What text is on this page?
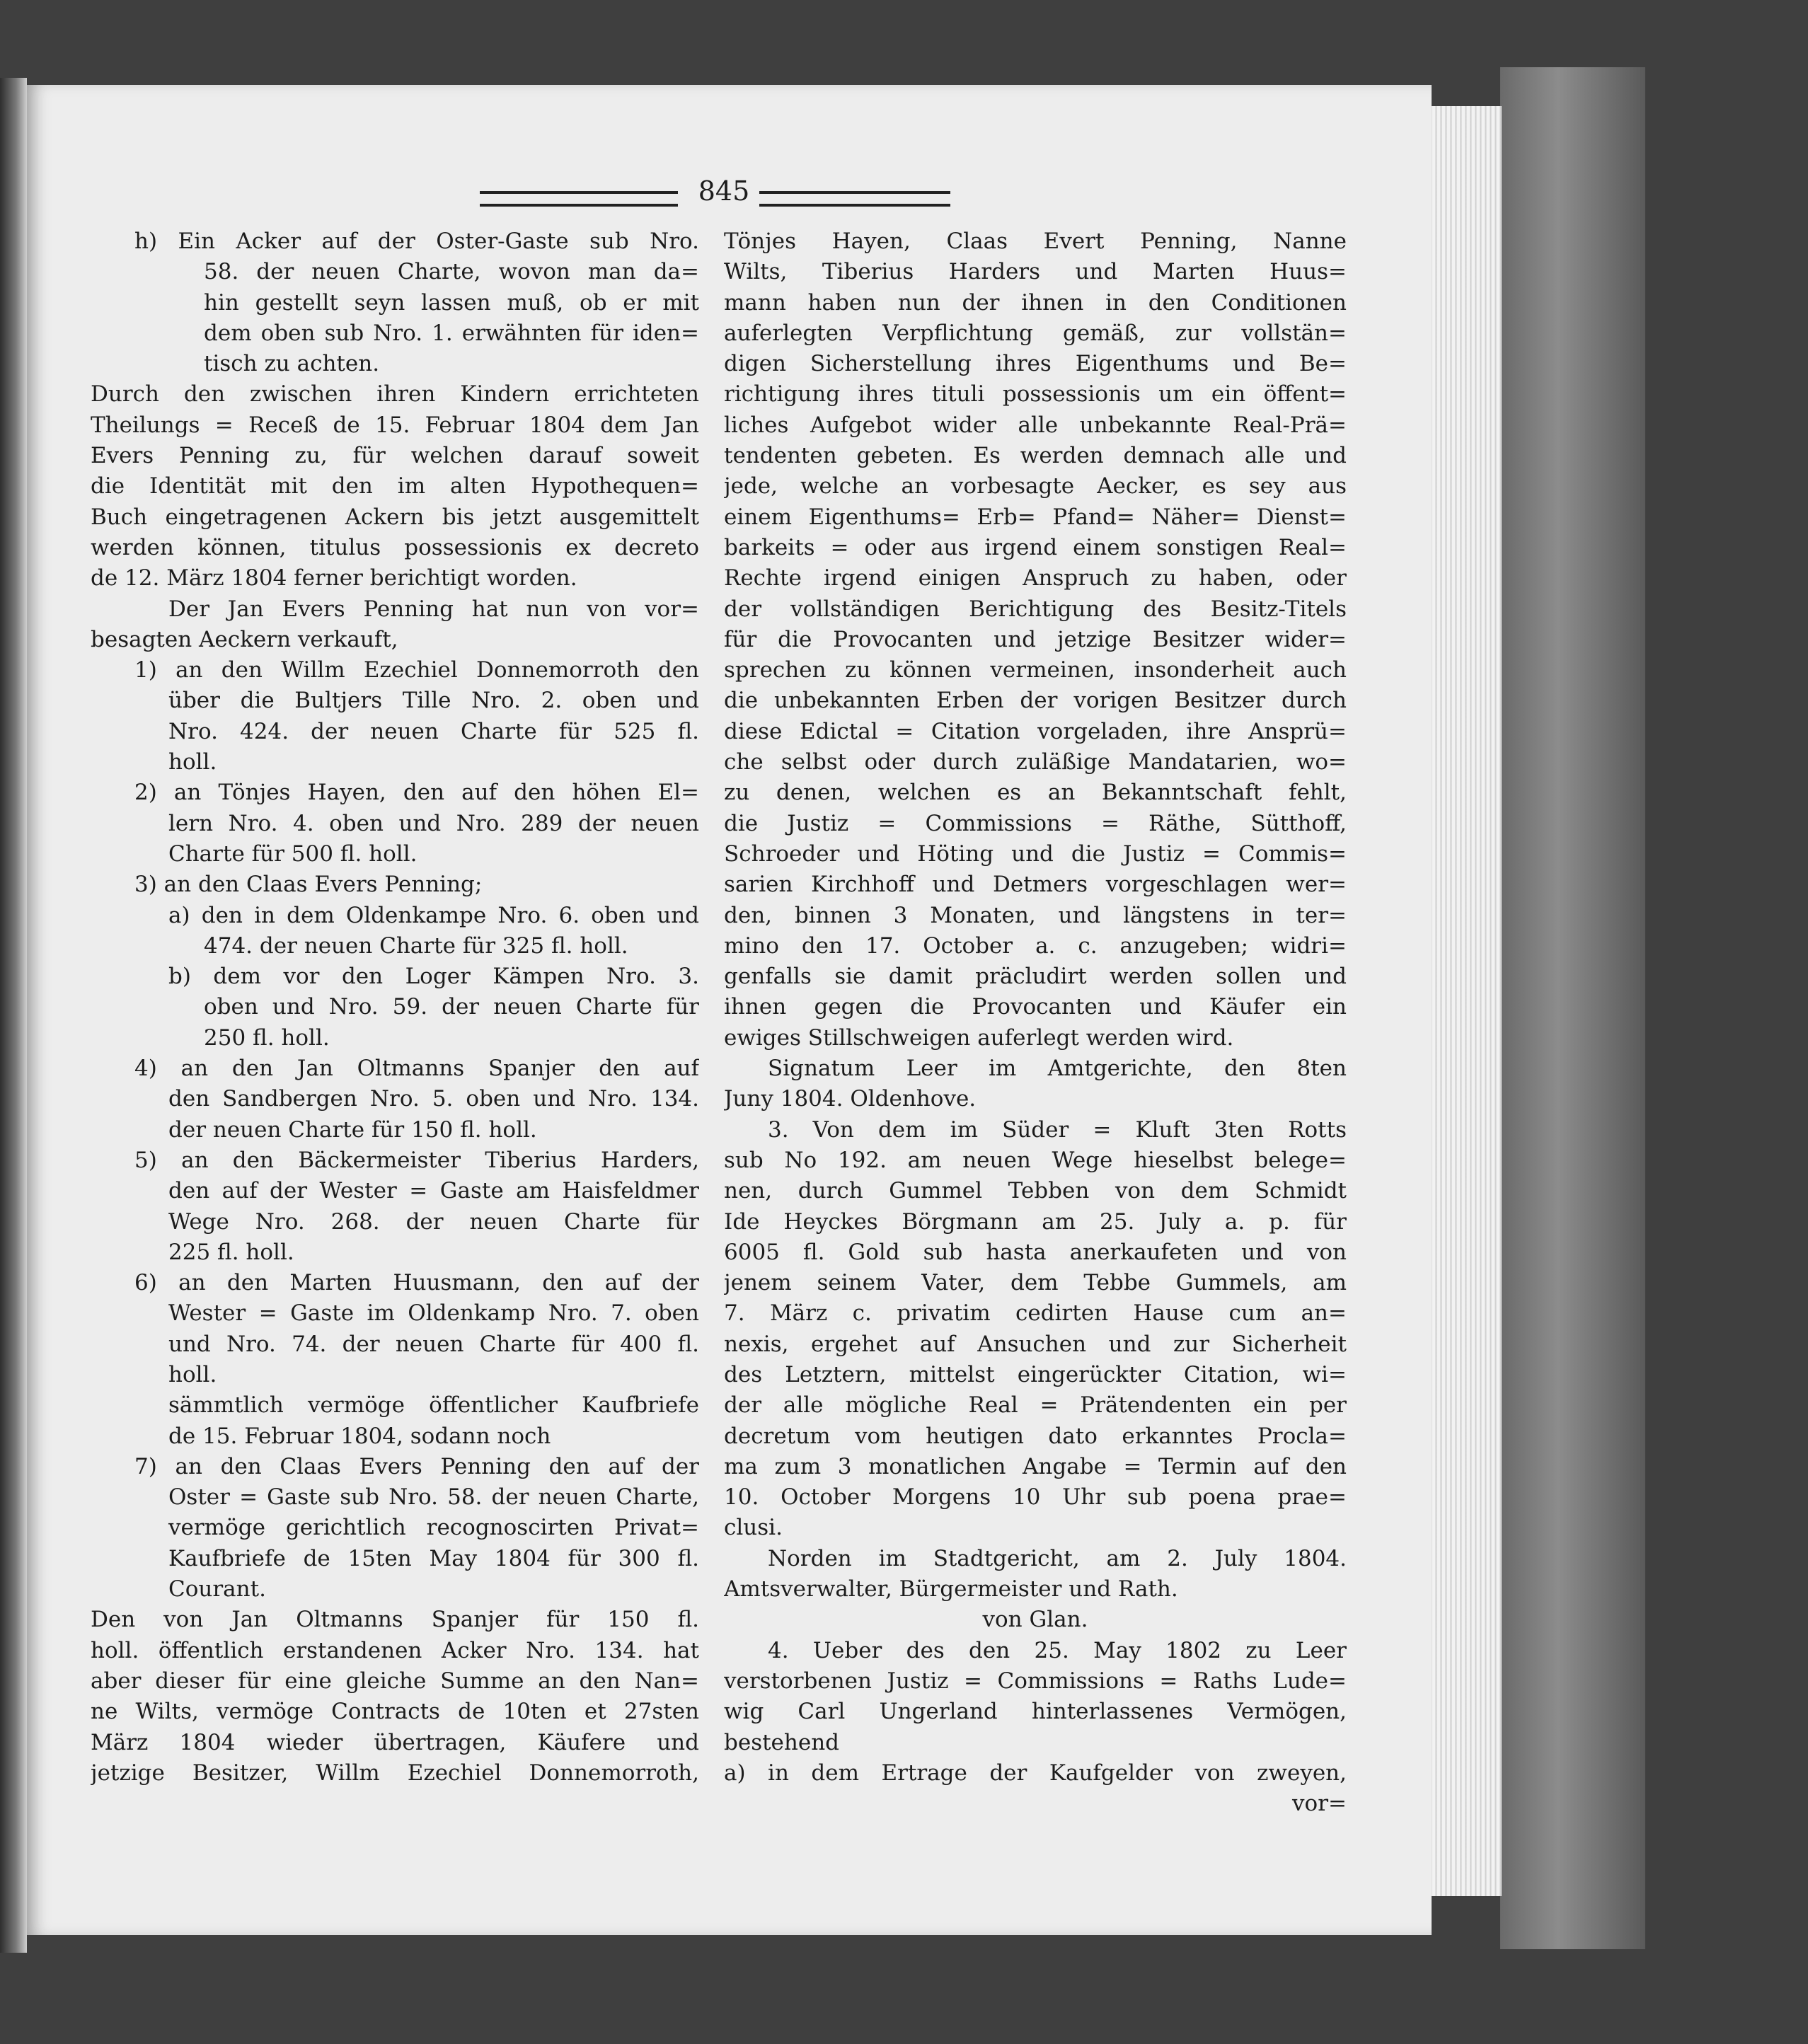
845
h) Ein Acker auf der Oster-Gaste sub Nro.
58. der neuen Charte, wovon man da=
hin gestellt seyn lassen muß, ob er mit
dem oben sub Nro. 1. erwähnten für iden=
tisch zu achten.
Durch den zwischen ihren Kindern errichteten
Theilungs = Receß de 15. Februar 1804 dem Jan
Evers Penning zu, für welchen darauf soweit
die Identität mit den im alten Hypothequen=
Buch eingetragenen Ackern bis jetzt ausgemittelt
werden können, titulus possessionis ex decreto
de 12. März 1804 ferner berichtigt worden.
Der Jan Evers Penning hat nun von vor=
besagten Aeckern verkauft,
1) an den Willm Ezechiel Donnemorroth den
über die Bultjers Tille Nro. 2. oben und
Nro. 424. der neuen Charte für 525 fl.
holl.
2) an Tönjes Hayen, den auf den höhen El=
lern Nro. 4. oben und Nro. 289 der neuen
Charte für 500 fl. holl.
3) an den Claas Evers Penning;
a) den in dem Oldenkampe Nro. 6. oben und
474. der neuen Charte für 325 fl. holl.
b) dem vor den Loger Kämpen Nro. 3.
oben und Nro. 59. der neuen Charte für
250 fl. holl.
4) an den Jan Oltmanns Spanjer den auf
den Sandbergen Nro. 5. oben und Nro. 134.
der neuen Charte für 150 fl. holl.
5) an den Bäckermeister Tiberius Harders,
den auf der Wester = Gaste am Haisfeldmer
Wege Nro. 268. der neuen Charte für
225 fl. holl.
6) an den Marten Huusmann, den auf der
Wester = Gaste im Oldenkamp Nro. 7. oben
und Nro. 74. der neuen Charte für 400 fl.
holl.
sämmtlich vermöge öffentlicher Kaufbriefe
de 15. Februar 1804, sodann noch
7) an den Claas Evers Penning den auf der
Oster = Gaste sub Nro. 58. der neuen Charte,
vermöge gerichtlich recognoscirten Privat=
Kaufbriefe de 15ten May 1804 für 300 fl.
Courant.
Den von Jan Oltmanns Spanjer für 150 fl.
holl. öffentlich erstandenen Acker Nro. 134. hat
aber dieser für eine gleiche Summe an den Nan=
ne Wilts, vermöge Contracts de 10ten et 27sten
März 1804 wieder übertragen, Käufere und
jetzige Besitzer, Willm Ezechiel Donnemorroth,
Tönjes Hayen, Claas Evert Penning, Nanne
Wilts, Tiberius Harders und Marten Huus=
mann haben nun der ihnen in den Conditionen
auferlegten Verpflichtung gemäß, zur vollstän=
digen Sicherstellung ihres Eigenthums und Be=
richtigung ihres tituli possessionis um ein öffent=
liches Aufgebot wider alle unbekannte Real-Prä=
tendenten gebeten. Es werden demnach alle und
jede, welche an vorbesagte Aecker, es sey aus
einem Eigenthums= Erb= Pfand= Näher= Dienst=
barkeits = oder aus irgend einem sonstigen Real=
Rechte irgend einigen Anspruch zu haben, oder
der vollständigen Berichtigung des Besitz-Titels
für die Provocanten und jetzige Besitzer wider=
sprechen zu können vermeinen, insonderheit auch
die unbekannten Erben der vorigen Besitzer durch
diese Edictal = Citation vorgeladen, ihre Ansprü=
che selbst oder durch zuläßige Mandatarien, wo=
zu denen, welchen es an Bekanntschaft fehlt,
die Justiz = Commissions = Räthe, Sütthoff,
Schroeder und Höting und die Justiz = Commis=
sarien Kirchhoff und Detmers vorgeschlagen wer=
den, binnen 3 Monaten, und längstens in ter=
mino den 17. October a. c. anzugeben; widri=
genfalls sie damit präcludirt werden sollen und
ihnen gegen die Provocanten und Käufer ein
ewiges Stillschweigen auferlegt werden wird.
Signatum Leer im Amtgerichte, den 8ten
Juny 1804. Oldenhove.
3. Von dem im Süder = Kluft 3ten Rotts
sub No 192. am neuen Wege hieselbst belege=
nen, durch Gummel Tebben von dem Schmidt
Ide Heyckes Börgmann am 25. July a. p. für
6005 fl. Gold sub hasta anerkaufeten und von
jenem seinem Vater, dem Tebbe Gummels, am
7. März c. privatim cedirten Hause cum an=
nexis, ergehet auf Ansuchen und zur Sicherheit
des Letztern, mittelst eingerückter Citation, wi=
der alle mögliche Real = Prätendenten ein per
decretum vom heutigen dato erkanntes Procla=
ma zum 3 monatlichen Angabe = Termin auf den
10. October Morgens 10 Uhr sub poena prae=
clusi.
Norden im Stadtgericht, am 2. July 1804.
Amtsverwalter, Bürgermeister und Rath.
von Glan.
4. Ueber des den 25. May 1802 zu Leer
verstorbenen Justiz = Commissions = Raths Lude=
wig Carl Ungerland hinterlassenes Vermögen,
bestehend
a) in dem Ertrage der Kaufgelder von zweyen,
vor=
